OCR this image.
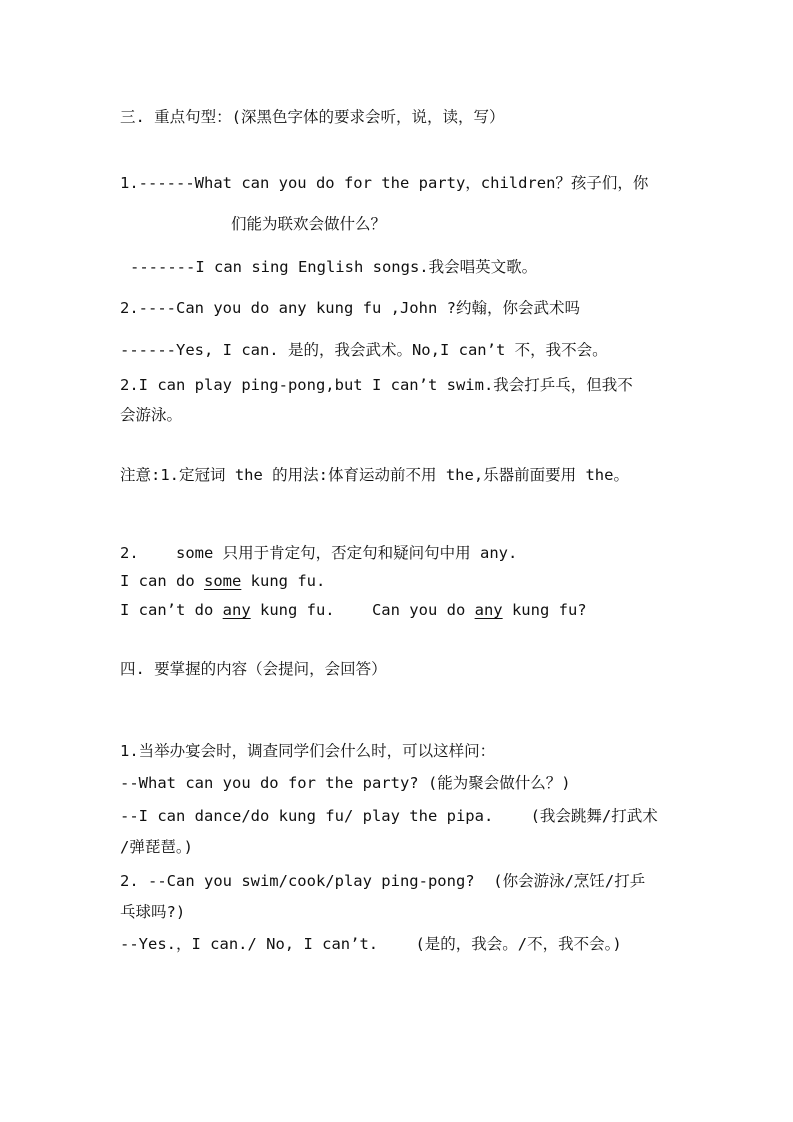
三. 重点句型：(深黑色字体的要求会听，说，读，写）
1.------What can you do for the party，children？孩子们，你
们能为联欢会做什么？
-------I can sing English songs.我会唱英文歌。
2.----Can you do any kung fu ,John ?约翰，你会武术吗
------Yes, I can. 是的，我会武术。No,I can’t 不，我不会。
2.I can play ping-pong,but I can’t swim.我会打乒乓，但我不
会游泳。
注意:1.定冠词 the 的用法:体育运动前不用 the,乐器前面要用 the。
2.    some 只用于肯定句，否定句和疑问句中用 any.
I can do some kung fu.
I can’t do any kung fu.    Can you do any kung fu?
四. 要掌握的内容（会提问，会回答）
1.当举办宴会时，调查同学们会什么时，可以这样问：
--What can you do for the party? (能为聚会做什么？)
--I can dance/do kung fu/ play the pipa.    (我会跳舞/打武术
/弹琵琶。)
2. --Can you swim/cook/play ping-pong?  (你会游泳/烹饪/打乒
乓球吗?)
--Yes.，I can./ No, I can’t.    (是的，我会。/不，我不会。)
